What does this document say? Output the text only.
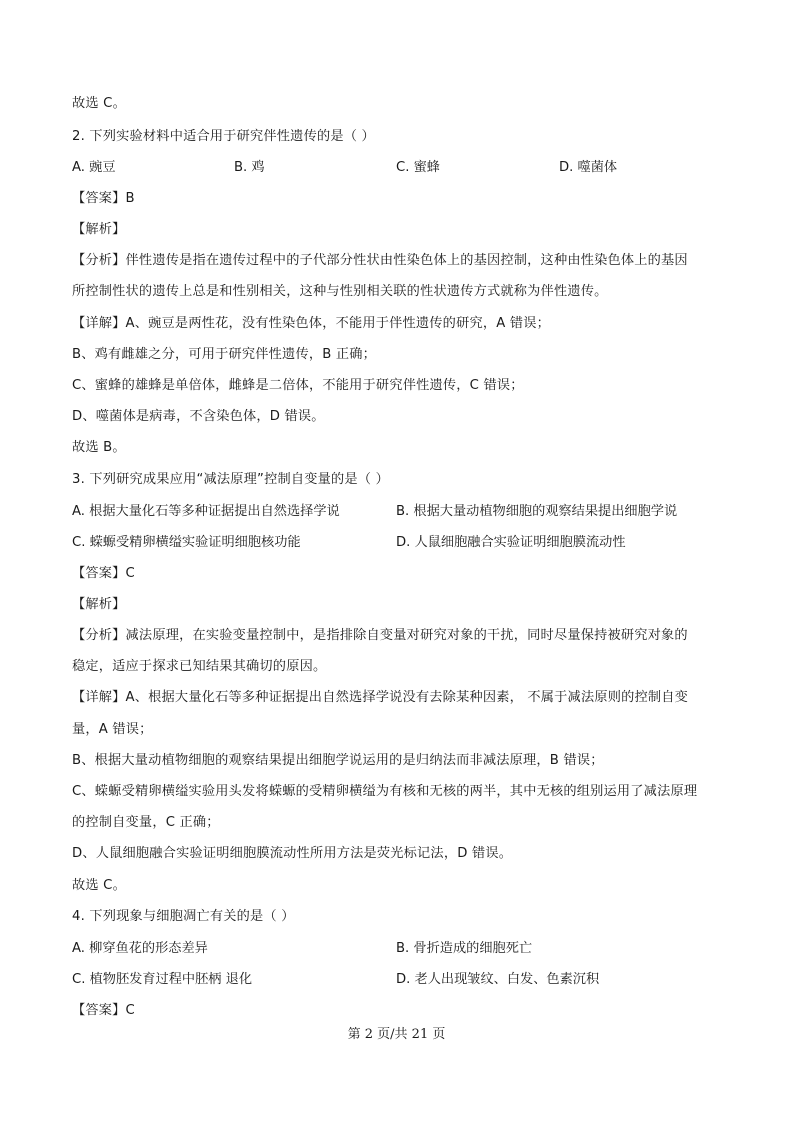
故选 C。
2. 下列实验材料中适合用于研究伴性遗传的是（ ）
A. 豌豆	B. 鸡	C. 蜜蜂	D. 噬菌体
【答案】B
【解析】
【分析】伴性遗传是指在遗传过程中的子代部分性状由性染色体上的基因控制，这种由性染色体上的基因
所控制性状的遗传上总是和性别相关，这种与性别相关联的性状遗传方式就称为伴性遗传。
【详解】A、豌豆是两性花，没有性染色体，不能用于伴性遗传的研究，A 错误；
B、鸡有雌雄之分，可用于研究伴性遗传，B 正确；
C、蜜蜂的雄蜂是单倍体，雌蜂是二倍体，不能用于研究伴性遗传，C 错误；
D、噬菌体是病毒，不含染色体，D 错误。
故选 B。
3. 下列研究成果应用“减法原理”控制自变量的是（ ）
A. 根据大量化石等多种证据提出自然选择学说	B. 根据大量动植物细胞的观察结果提出细胞学说
C. 蝾螈受精卵横缢实验证明细胞核功能	D. 人鼠细胞融合实验证明细胞膜流动性
【答案】C
【解析】
【分析】减法原理，在实验变量控制中，是指排除自变量对研究对象的干扰，同时尽量保持被研究对象的
稳定，适应于探求已知结果其确切的原因。
【详解】A、根据大量化石等多种证据提出自然选择学说没有去除某种因素， 不属于减法原则的控制自变
量，A 错误；
B、根据大量动植物细胞的观察结果提出细胞学说运用的是归纳法而非减法原理，B 错误；
C、蝾螈受精卵横缢实验用头发将蝾螈的受精卵横缢为有核和无核的两半，其中无核的组别运用了减法原理
的控制自变量，C 正确；
D、人鼠细胞融合实验证明细胞膜流动性所用方法是荧光标记法，D 错误。
故选 C。
4. 下列现象与细胞凋亡有关的是（ ）
A. 柳穿鱼花的形态差异	B. 骨折造成的细胞死亡
C. 植物胚发育过程中胚柄 退化	D. 老人出现皱纹、白发、色素沉积
【答案】C
第 2 页/共 21 页
